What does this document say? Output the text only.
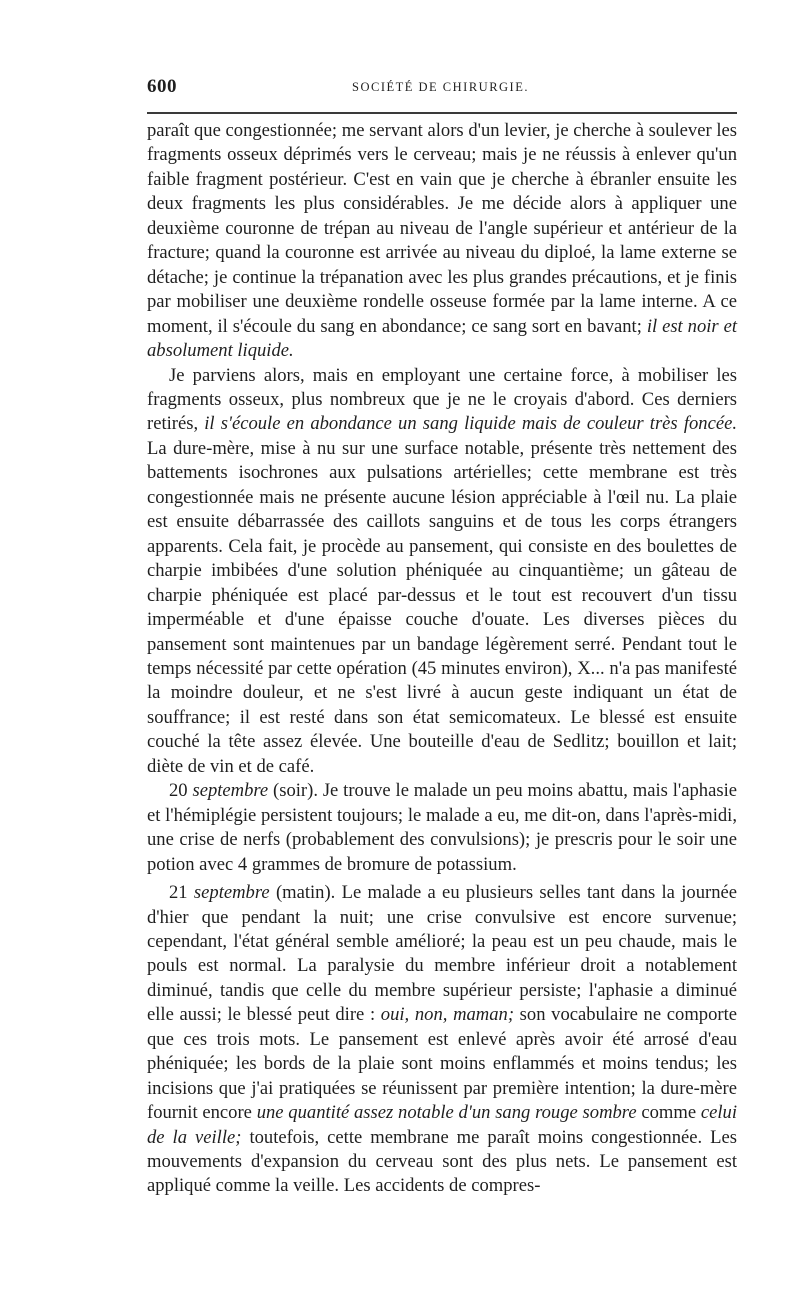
600	SOCIÉTÉ DE CHIRURGIE.

paraît que congestionnée; me servant alors d'un levier, je cherche à soulever les fragments osseux déprimés vers le cerveau; mais je ne réussis à enlever qu'un faible fragment postérieur. C'est en vain que je cherche à ébranler ensuite les deux fragments les plus considérables. Je me décide alors à appliquer une deuxième couronne de trépan au niveau de l'angle supérieur et antérieur de la fracture; quand la couronne est arrivée au niveau du diploé, la lame externe se détache; je continue la trépanation avec les plus grandes précautions, et je finis par mobiliser une deuxième rondelle osseuse formée par la lame interne. A ce moment, il s'écoule du sang en abondance; ce sang sort en bavant; il est noir et absolument liquide.

Je parviens alors, mais en employant une certaine force, à mobiliser les fragments osseux, plus nombreux que je ne le croyais d'abord. Ces derniers retirés, il s'écoule en abondance un sang liquide mais de couleur très foncée. La dure-mère, mise à nu sur une surface notable, présente très nettement des battements isochrones aux pulsations artérielles; cette membrane est très congestionnée mais ne présente aucune lésion appréciable à l'œil nu. La plaie est ensuite débarrassée des caillots sanguins et de tous les corps étrangers apparents. Cela fait, je procède au pansement, qui consiste en des boulettes de charpie imbibées d'une solution phéniquée au cinquantième; un gâteau de charpie phéniquée est placé par-dessus et le tout est recouvert d'un tissu imperméable et d'une épaisse couche d'ouate. Les diverses pièces du pansement sont maintenues par un bandage légèrement serré. Pendant tout le temps nécessité par cette opération (45 minutes environ), X... n'a pas manifesté la moindre douleur, et ne s'est livré à aucun geste indiquant un état de souffrance; il est resté dans son état semicomateux. Le blessé est ensuite couché la tête assez élevée. Une bouteille d'eau de Sedlitz; bouillon et lait; diète de vin et de café.

20 septembre (soir). Je trouve le malade un peu moins abattu, mais l'aphasie et l'hémiplégie persistent toujours; le malade a eu, me dit-on, dans l'après-midi, une crise de nerfs (probablement des convulsions); je prescris pour le soir une potion avec 4 grammes de bromure de potassium.

21 septembre (matin). Le malade a eu plusieurs selles tant dans la journée d'hier que pendant la nuit; une crise convulsive est encore survenue; cependant, l'état général semble amélioré; la peau est un peu chaude, mais le pouls est normal. La paralysie du membre inférieur droit a notablement diminué, tandis que celle du membre supérieur persiste; l'aphasie a diminué elle aussi; le blessé peut dire : oui, non, maman; son vocabulaire ne comporte que ces trois mots. Le pansement est enlevé après avoir été arrosé d'eau phéniquée; les bords de la plaie sont moins enflammés et moins tendus; les incisions que j'ai pratiquées se réunissent par première intention; la dure-mère fournit encore une quantité assez notable d'un sang rouge sombre comme celui de la veille; toutefois, cette membrane me paraît moins congestionnée. Les mouvements d'expansion du cerveau sont des plus nets. Le pansement est appliqué comme la veille. Les accidents de compres-
